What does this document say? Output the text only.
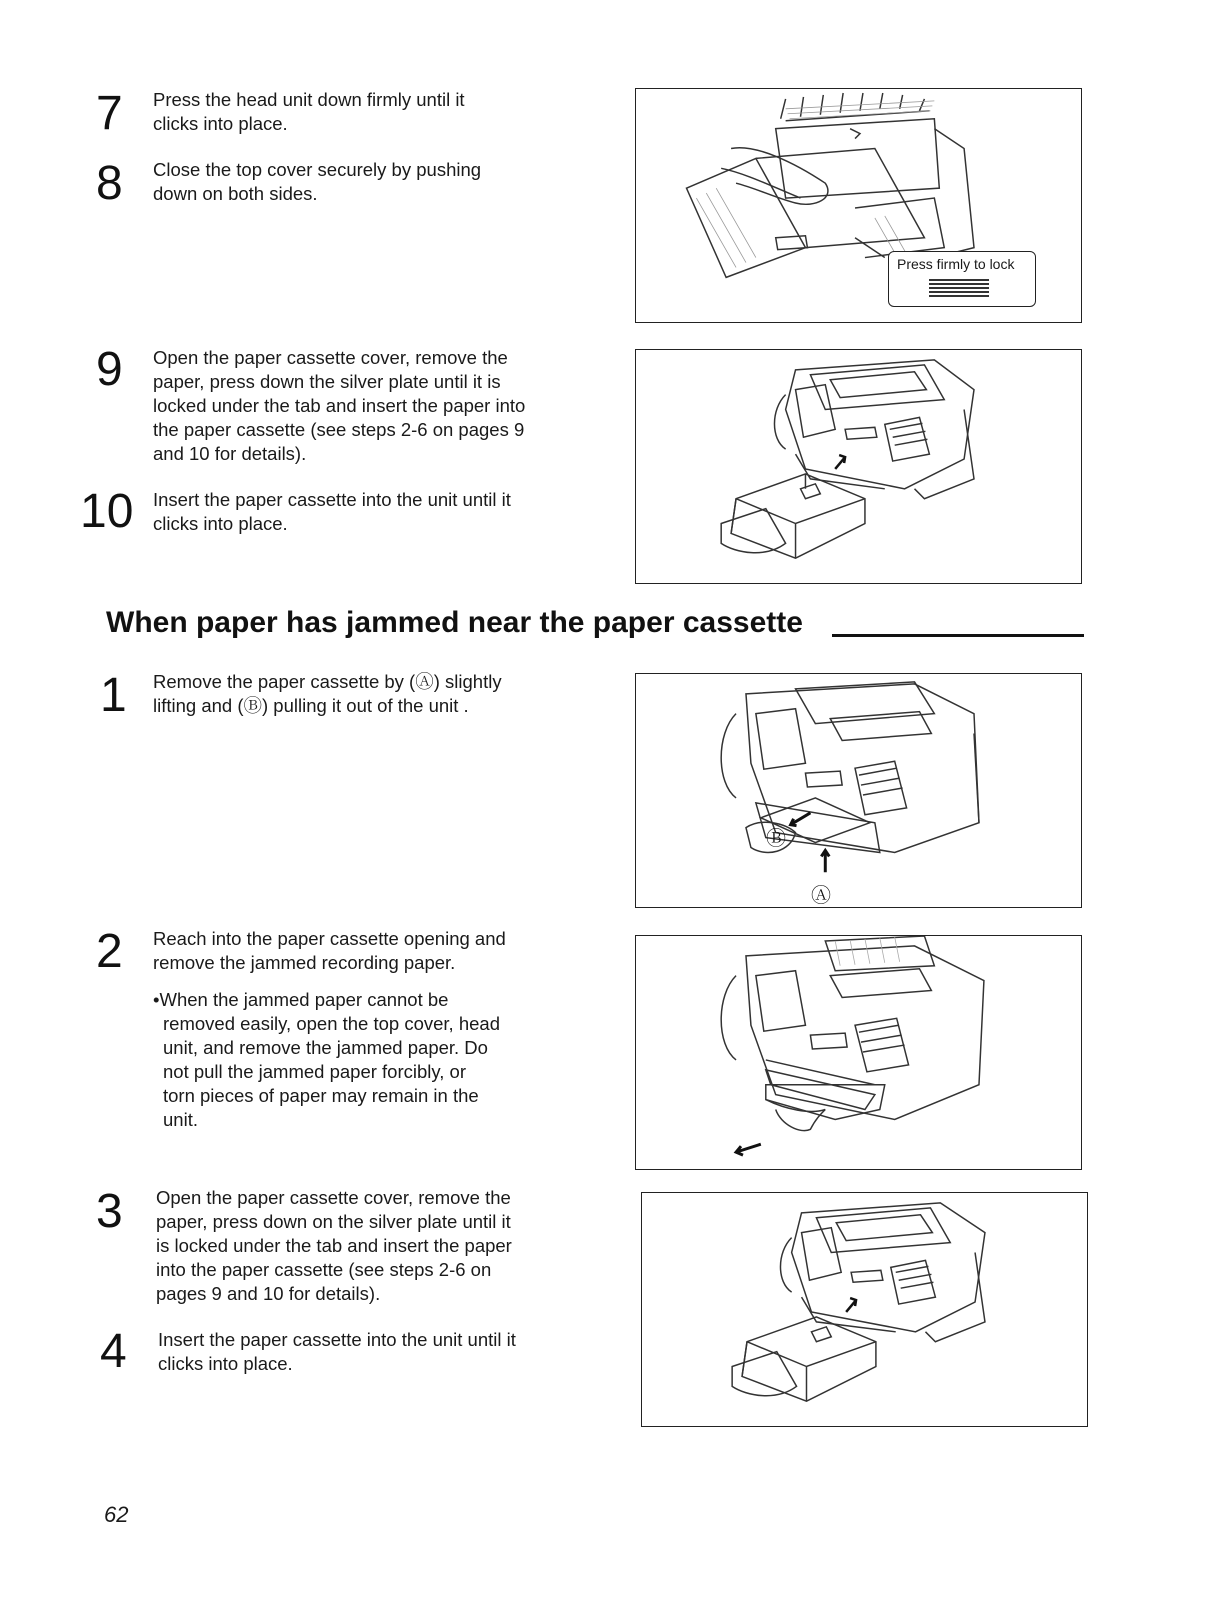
7 Press the head unit down firmly until it clicks into place.
8 Close the top cover securely by pushing down on both sides.
9 Open the paper cassette cover, remove the paper, press down the silver plate until it is locked under the tab and insert the paper into the paper cassette (see steps 2-6 on pages 9 and 10 for details).
10 Insert the paper cassette into the unit until it clicks into place.
Press firmly to lock
When paper has jammed near the paper cassette
1 Remove the paper cassette by (Ⓐ) slightly lifting and (Ⓑ) pulling it out of the unit .
2 Reach into the paper cassette opening and remove the jammed recording paper.
•When the jammed paper cannot be removed easily, open the top cover, head unit, and remove the jammed paper. Do not pull the jammed paper forcibly, or torn pieces of paper may remain in the unit.
3 Open the paper cassette cover, remove the paper, press down on the silver plate until it is locked under the tab and insert the paper into the paper cassette (see steps 2-6 on pages 9 and 10 for details).
4 Insert the paper cassette into the unit until it clicks into place.
Ⓑ
Ⓐ
62
